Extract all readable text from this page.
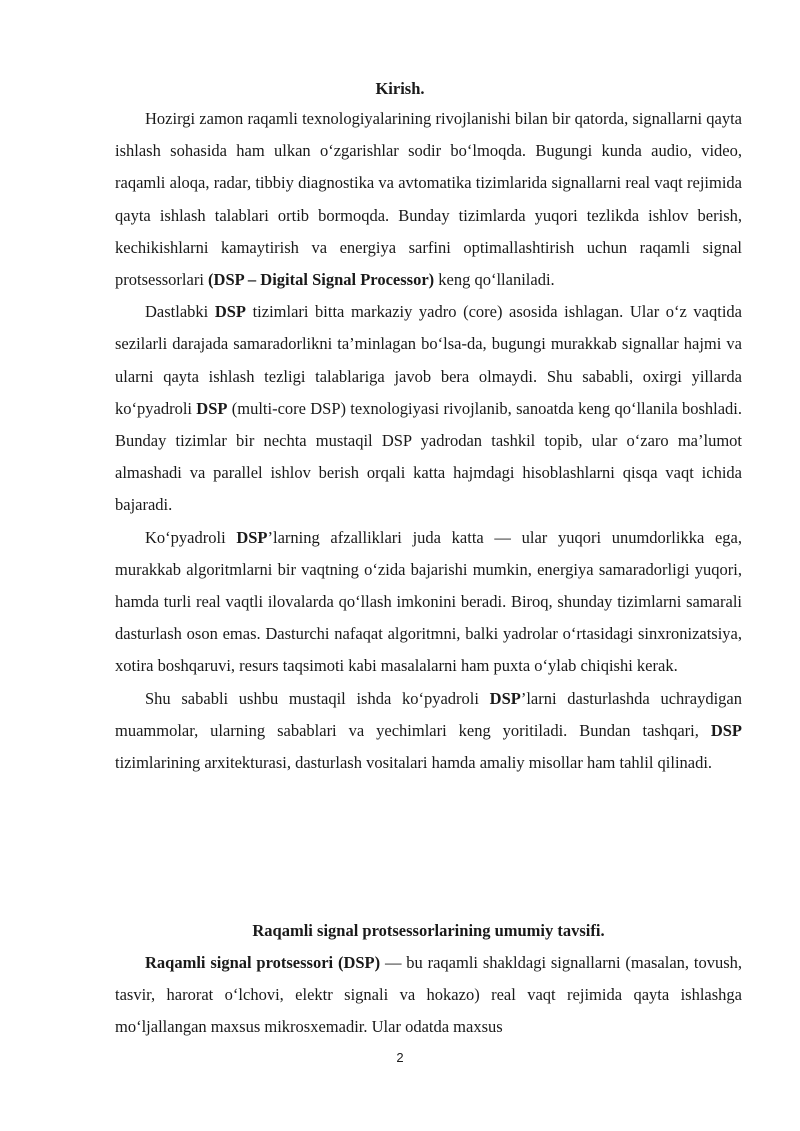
Kirish.

Hozirgi zamon raqamli texnologiyalarining rivojlanishi bilan bir qatorda, signallarni qayta ishlash sohasida ham ulkan o‘zgarishlar sodir bo‘lmoqda. Bugungi kunda audio, video, raqamli aloqa, radar, tibbiy diagnostika va avtomatika tizimlarida signallarni real vaqt rejimida qayta ishlash talablari ortib bormoqda. Bunday tizimlarda yuqori tezlikda ishlov berish, kechikishlarni kamaytirish va energiya sarfini optimallashtirish uchun raqamli signal protsessorlari (DSP – Digital Signal Processor) keng qo‘llaniladi.

Dastlabki DSP tizimlari bitta markaziy yadro (core) asosida ishlagan. Ular o‘z vaqtida sezilarli darajada samaradorlikni ta’minlagan bo‘lsa-da, bugungi murakkab signallar hajmi va ularni qayta ishlash tezligi talablariga javob bera olmaydi. Shu sababli, oxirgi yillarda ko‘pyadroli DSP (multi-core DSP) texnologiyasi rivojlanib, sanoatda keng qo‘llanila boshladi. Bunday tizimlar bir nechta mustaqil DSP yadrodan tashkil topib, ular o‘zaro ma’lumot almashadi va parallel ishlov berish orqali katta hajmdagi hisoblashlarni qisqa vaqt ichida bajaradi.

Ko‘pyadroli DSP’larning afzalliklari juda katta — ular yuqori unumdorlikka ega, murakkab algoritmlarni bir vaqtning o‘zida bajarishi mumkin, energiya samaradorligi yuqori, hamda turli real vaqtli ilovalarda qo‘llash imkonini beradi. Biroq, shunday tizimlarni samarali dasturlash oson emas. Dasturchi nafaqat algoritmni, balki yadrolar o‘rtasidagi sinxronizatsiya, xotira boshqaruvi, resurs taqsimoti kabi masalalarni ham puxta o‘ylab chiqishi kerak.

Shu sababli ushbu mustaqil ishda ko‘pyadroli DSP’larni dasturlashda uchraydigan muammolar, ularning sabablari va yechimlari keng yoritiladi. Bundan tashqari, DSP tizimlarining arxitekturasi, dasturlash vositalari hamda amaliy misollar ham tahlil qilinadi.

Raqamli signal protsessorlarining umumiy tavsifi.

Raqamli signal protsessori (DSP) — bu raqamli shakldagi signallarni (masalan, tovush, tasvir, harorat o‘lchovi, elektr signali va hokazo) real vaqt rejimida qayta ishlashga mo‘ljallangan maxsus mikrosxemadir. Ular odatda maxsus

2
